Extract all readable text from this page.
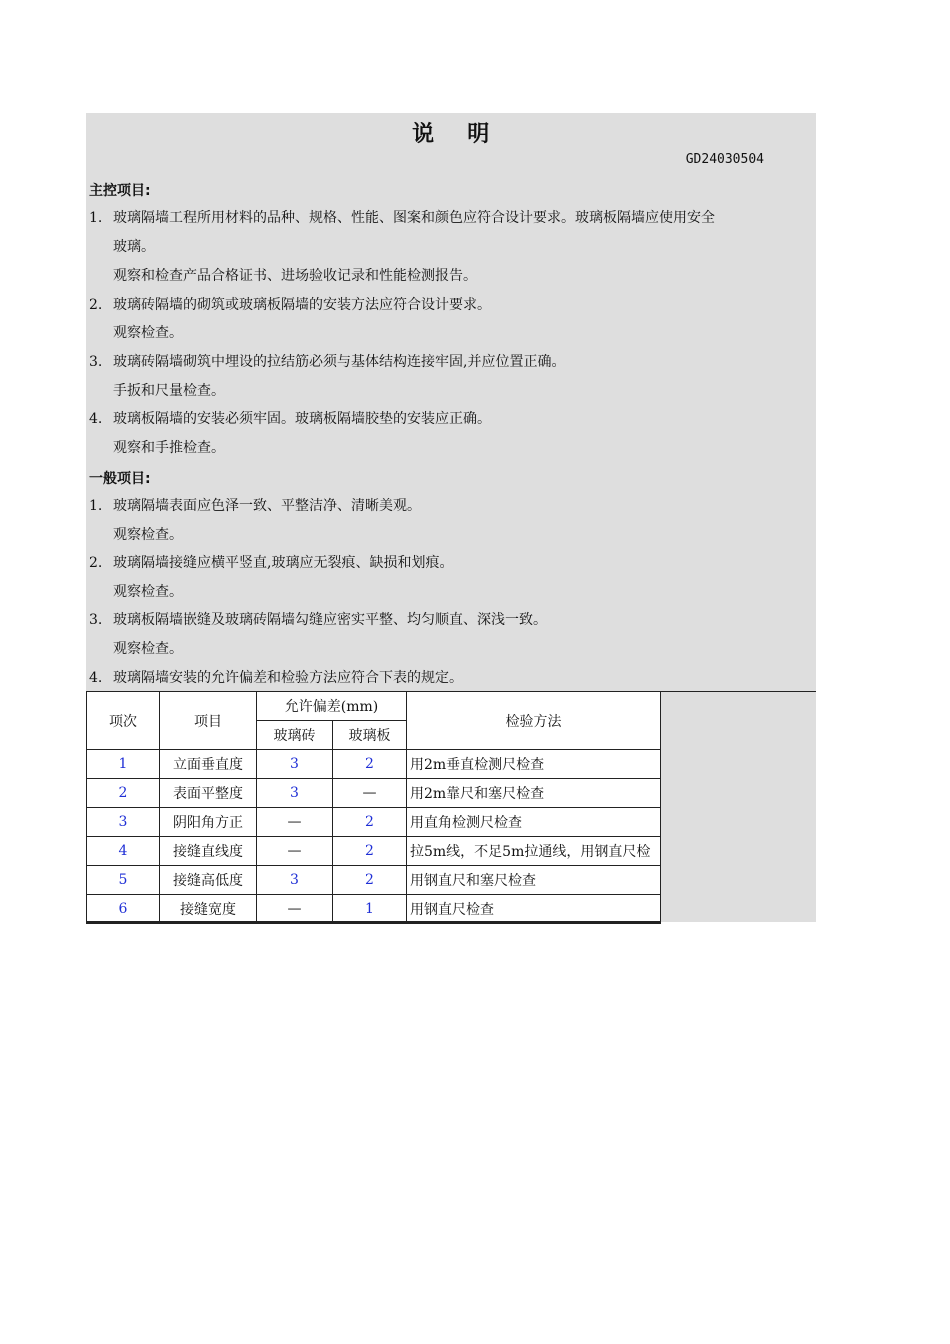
说    明
GD24030504
主控项目:
1. 玻璃隔墙工程所用材料的品种、规格、性能、图案和颜色应符合设计要求。玻璃板隔墙应使用安全
玻璃。
观察和检查产品合格证书、进场验收记录和性能检测报告。
2. 玻璃砖隔墙的砌筑或玻璃板隔墙的安装方法应符合设计要求。
观察检查。
3. 玻璃砖隔墙砌筑中埋设的拉结筋必须与基体结构连接牢固,并应位置正确。
手扳和尺量检查。
4. 玻璃板隔墙的安装必须牢固。玻璃板隔墙胶垫的安装应正确。
观察和手推检查。
一般项目:
1. 玻璃隔墙表面应色泽一致、平整洁净、清晰美观。
观察检查。
2. 玻璃隔墙接缝应横平竖直,玻璃应无裂痕、缺损和划痕。
观察检查。
3. 玻璃板隔墙嵌缝及玻璃砖隔墙勾缝应密实平整、均匀顺直、深浅一致。
观察检查。
4. 玻璃隔墙安装的允许偏差和检验方法应符合下表的规定。
项次	项目	允许偏差(mm)		检验方法
		玻璃砖	玻璃板	
1	立面垂直度	3	2	用2m垂直检测尺检查
2	表面平整度	3	—	用2m靠尺和塞尺检查
3	阴阳角方正	—	2	用直角检测尺检查
4	接缝直线度	—	2	拉5m线，不足5m拉通线，用钢直尺检
5	接缝高低度	3	2	用钢直尺和塞尺检查
6	接缝宽度	—	1	用钢直尺检查
